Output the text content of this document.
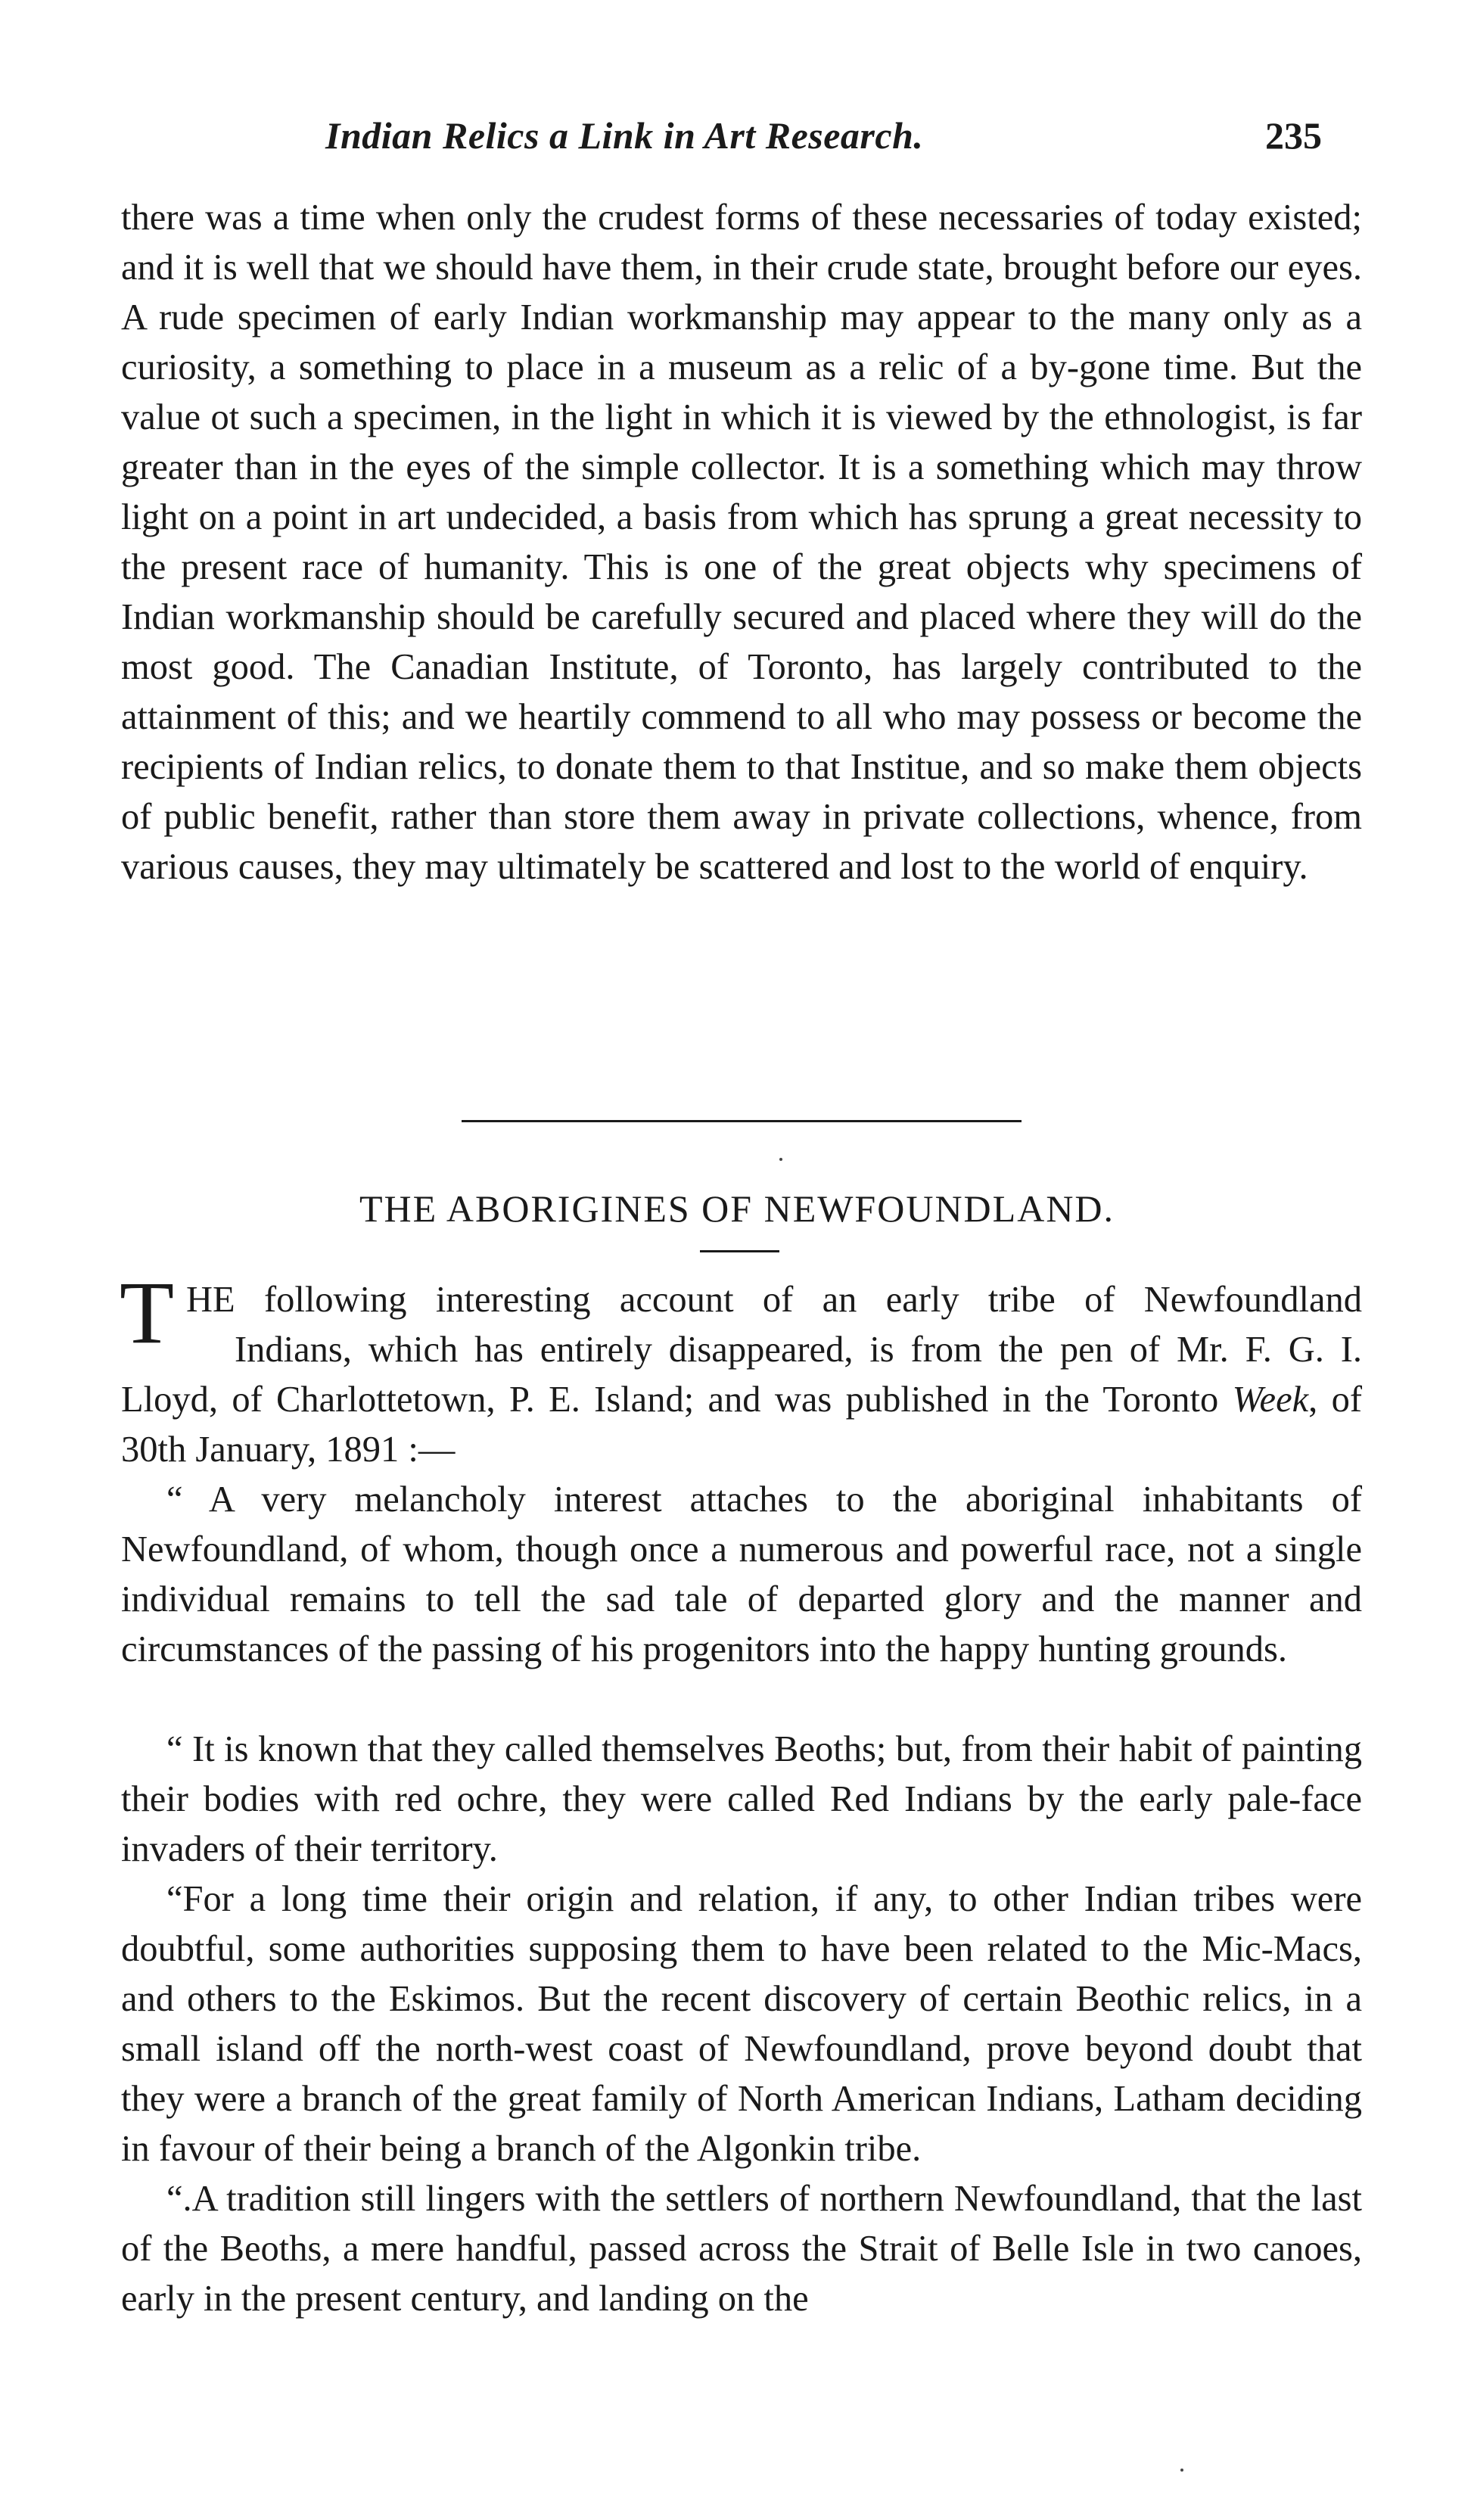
Indian Relics a Link in Art Research.	235

there was a time when only the crudest forms of these necessaries of today existed; and it is well that we should have them, in their crude state, brought before our eyes. A rude specimen of early Indian workmanship may appear to the many only as a curiosity, a something to place in a museum as a relic of a by-gone time. But the value ot such a specimen, in the light in which it is viewed by the ethnologist, is far greater than in the eyes of the simple collector. It is a something which may throw light on a point in art undecided, a basis from which has sprung a great necessity to the present race of humanity. This is one of the great objects why specimens of Indian workmanship should be carefully secured and placed where they will do the most good. The Canadian Institute, of Toronto, has largely contributed to the attainment of this; and we heartily commend to all who may possess or become the recipients of Indian relics, to donate them to that Institue, and so make them objects of public benefit, rather than store them away in private collections, whence, from various causes, they may ultimately be scattered and lost to the world of enquiry.

THE ABORIGINES OF NEWFOUNDLAND.
T HE following interesting account of an early tribe of Newfoundland

Indians, which has entirely disappeared, is from the pen of Mr. F. G. I. Lloyd, of Charlottetown, P. E. Island; and was published in the Toronto Week, of 30th January, 1891 :—

“ A very melancholy interest attaches to the aboriginal inhabitants of Newfoundland, of whom, though once a numerous and powerful race, not a single individual remains to tell the sad tale of departed glory and the manner and circumstances of the passing of his progenitors into the happy hunting grounds.

“ It is known that they called themselves Beoths; but, from their habit of painting their bodies with red ochre, they were called Red Indians by the early pale-face invaders of their territory.

“For a long time their origin and relation, if any, to other Indian tribes were doubtful, some authorities supposing them to have been related to the Mic-Macs, and others to the Eskimos. But the recent discovery of certain Beothic relics, in a small island off the north-west coast of Newfoundland, prove beyond doubt that they were a branch of the great family of North American Indians, Latham deciding in favour of their being a branch of the Algonkin tribe.

“.A tradition still lingers with the settlers of northern Newfoundland, that the last of the Beoths, a mere handful, passed across the Strait of Belle Isle in two canoes, early in the present century, and landing on the
